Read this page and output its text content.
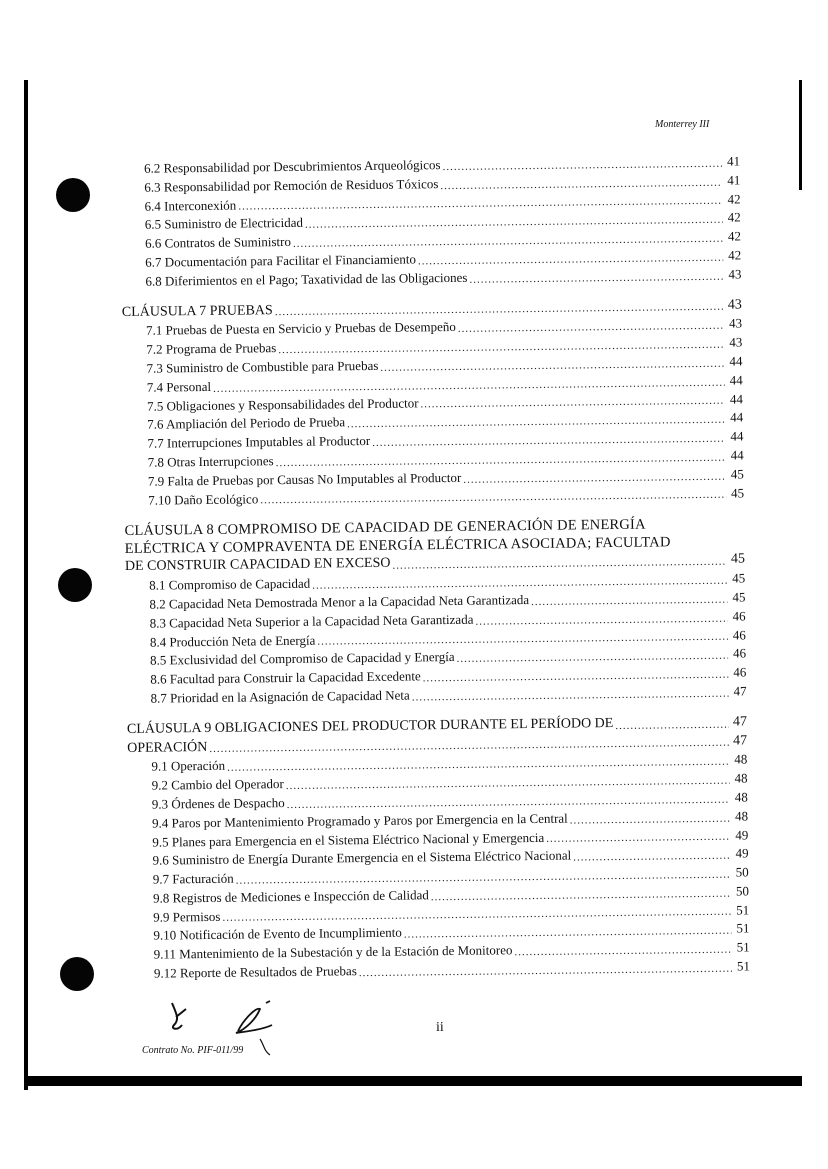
Monterrey III
6.2 Responsabilidad por Descubrimientos Arqueológicos .....	41
6.3 Responsabilidad por Remoción de Residuos Tóxicos .....	41
6.4 Interconexión .....	42
6.5 Suministro de Electricidad .....	42
6.6 Contratos de Suministro .....	42
6.7 Documentación para Facilitar el Financiamiento .....	42
6.8 Diferimientos en el Pago; Taxatividad de las Obligaciones .....	43
CLÁUSULA 7 PRUEBAS .....	43
7.1 Pruebas de Puesta en Servicio y Pruebas de Desempeño .....	43
7.2 Programa de Pruebas .....	43
7.3 Suministro de Combustible para Pruebas .....	44
7.4 Personal .....	44
7.5 Obligaciones y Responsabilidades del Productor .....	44
7.6 Ampliación del Periodo de Prueba .....	44
7.7 Interrupciones Imputables al Productor .....	44
7.8 Otras Interrupciones .....	44
7.9 Falta de Pruebas por Causas No Imputables al Productor .....	45
7.10 Daño Ecológico .....	45
CLÁUSULA 8 COMPROMISO DE CAPACIDAD DE GENERACIÓN DE ENERGÍA
ELÉCTRICA Y COMPRAVENTA DE ENERGÍA ELÉCTRICA ASOCIADA; FACULTAD
DE CONSTRUIR CAPACIDAD EN EXCESO .....	45
8.1 Compromiso de Capacidad .....	45
8.2 Capacidad Neta Demostrada Menor a la Capacidad Neta Garantizada .....	45
8.3 Capacidad Neta Superior a la Capacidad Neta Garantizada .....	46
8.4 Producción Neta de Energía .....	46
8.5 Exclusividad del Compromiso de Capacidad y Energía .....	46
8.6 Facultad para Construir la Capacidad Excedente .....	46
8.7 Prioridad en la Asignación de Capacidad Neta .....	47
CLÁUSULA 9 OBLIGACIONES DEL PRODUCTOR DURANTE EL PERÍODO DE .....	47
OPERACIÓN .....	47
9.1 Operación .....	48
9.2 Cambio del Operador .....	48
9.3 Órdenes de Despacho .....	48
9.4 Paros por Mantenimiento Programado y Paros por Emergencia en la Central .....	48
9.5 Planes para Emergencia en el Sistema Eléctrico Nacional y Emergencia .....	49
9.6 Suministro de Energía Durante Emergencia en el Sistema Eléctrico Nacional .....	49
9.7 Facturación .....	50
9.8 Registros de Mediciones e Inspección de Calidad .....	50
9.9 Permisos .....	51
9.10 Notificación de Evento de Incumplimiento .....	51
9.11 Mantenimiento de la Subestación y de la Estación de Monitoreo .....	51
9.12 Reporte de Resultados de Pruebas .....	51
ii
Contrato No. PIF-011/99
